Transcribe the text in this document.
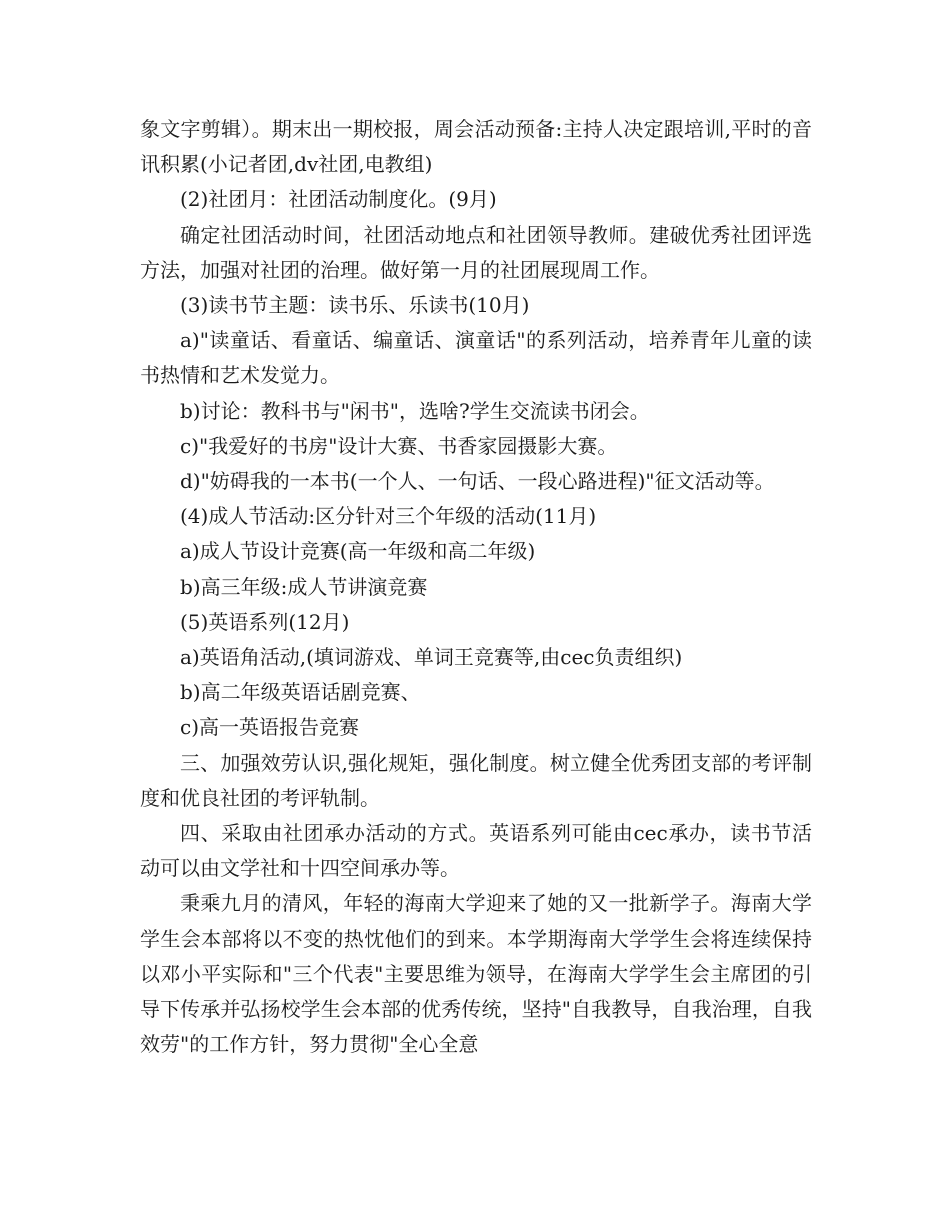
象文字剪辑）。期末出一期校报，周会活动预备:主持人决定跟培训,平时的音讯积累(小记者团,dv社团,电教组)

(2)社团月：社团活动制度化。(9月)

确定社团活动时间，社团活动地点和社团领导教师。建破优秀社团评选方法，加强对社团的治理。做好第一月的社团展现周工作。

(3)读书节主题：读书乐、乐读书(10月)

a)"读童话、看童话、编童话、演童话"的系列活动，培养青年儿童的读书热情和艺术发觉力。

b)讨论：教科书与"闲书"，选啥?学生交流读书闭会。

c)"我爱好的书房"设计大赛、书香家园摄影大赛。

d)"妨碍我的一本书(一个人、一句话、一段心路进程)"征文活动等。

(4)成人节活动:区分针对三个年级的活动(11月)

a)成人节设计竞赛(高一年级和高二年级)

b)高三年级:成人节讲演竞赛

(5)英语系列(12月)

a)英语角活动,(填词游戏、单词王竞赛等,由cec负责组织)

b)高二年级英语话剧竞赛、

c)高一英语报告竞赛

三、加强效劳认识,强化规矩，强化制度。树立健全优秀团支部的考评制度和优良社团的考评轨制。

四、采取由社团承办活动的方式。英语系列可能由cec承办，读书节活动可以由文学社和十四空间承办等。

秉乘九月的清风，年轻的海南大学迎来了她的又一批新学子。海南大学学生会本部将以不变的热忱他们的到来。本学期海南大学学生会将连续保持以邓小平实际和"三个代表"主要思维为领导，在海南大学学生会主席团的引导下传承并弘扬校学生会本部的优秀传统，坚持"自我教导，自我治理，自我效劳"的工作方针，努力贯彻"全心全意
